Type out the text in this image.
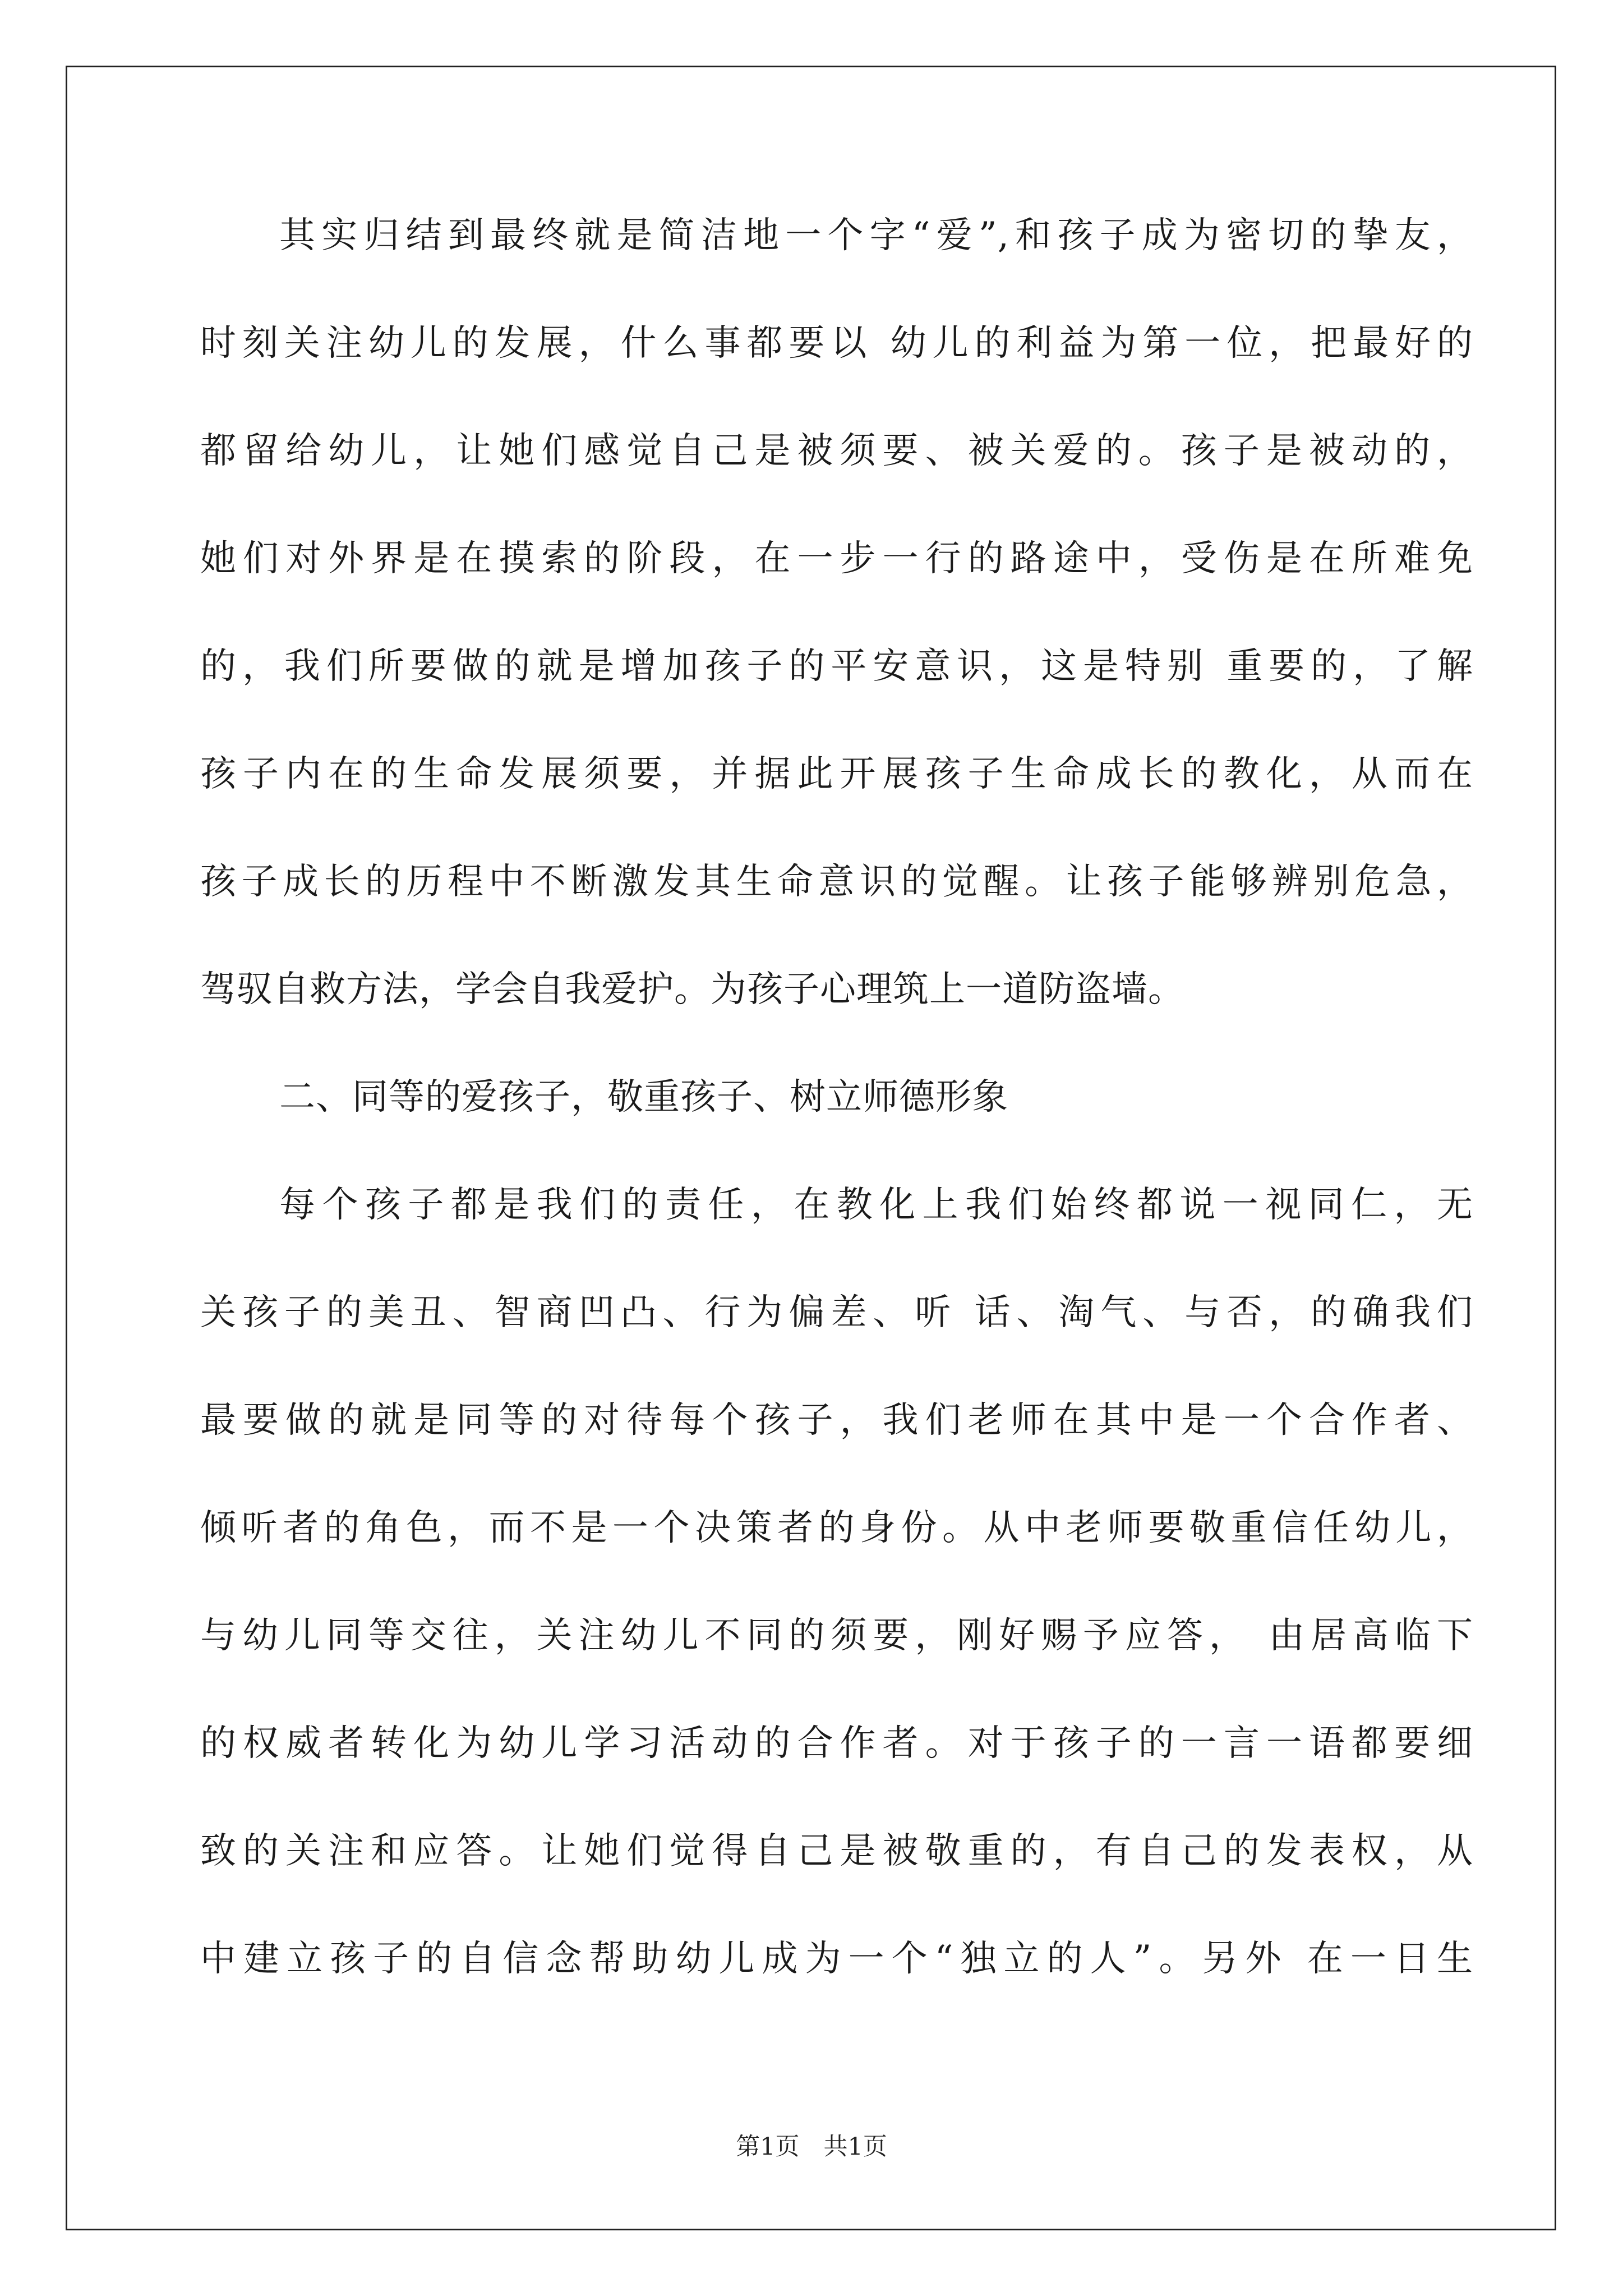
其实归结到最终就是简洁地一个字“爱”,和孩子成为密切的挚友，
时刻关注幼儿的发展，什么事都要以 幼儿的利益为第一位，把最好的
都留给幼儿，让她们感觉自己是被须要、被关爱的。孩子是被动的，
她们对外界是在摸索的阶段，在一步一行的路途中，受伤是在所难免
的，我们所要做的就是增加孩子的平安意识，这是特别 重要的，了解
孩子内在的生命发展须要，并据此开展孩子生命成长的教化，从而在
孩子成长的历程中不断激发其生命意识的觉醒。让孩子能够辨别危急，
驾驭自救方法，学会自我爱护。为孩子心理筑上一道防盗墙。
二、同等的爱孩子，敬重孩子、树立师德形象
每个孩子都是我们的责任，在教化上我们始终都说一视同仁，无
关孩子的美丑、智商凹凸、行为偏差、听 话、淘气、与否，的确我们
最要做的就是同等的对待每个孩子，我们老师在其中是一个合作者、
倾听者的角色，而不是一个决策者的身份。从中老师要敬重信任幼儿，
与幼儿同等交往，关注幼儿不同的须要，刚好赐予应答， 由居高临下
的权威者转化为幼儿学习活动的合作者。对于孩子的一言一语都要细
致的关注和应答。让她们觉得自己是被敬重的，有自己的发表权，从
中建立孩子的自信念帮助幼儿成为一个“独立的人”。另外 在一日生
第1页　共1页
